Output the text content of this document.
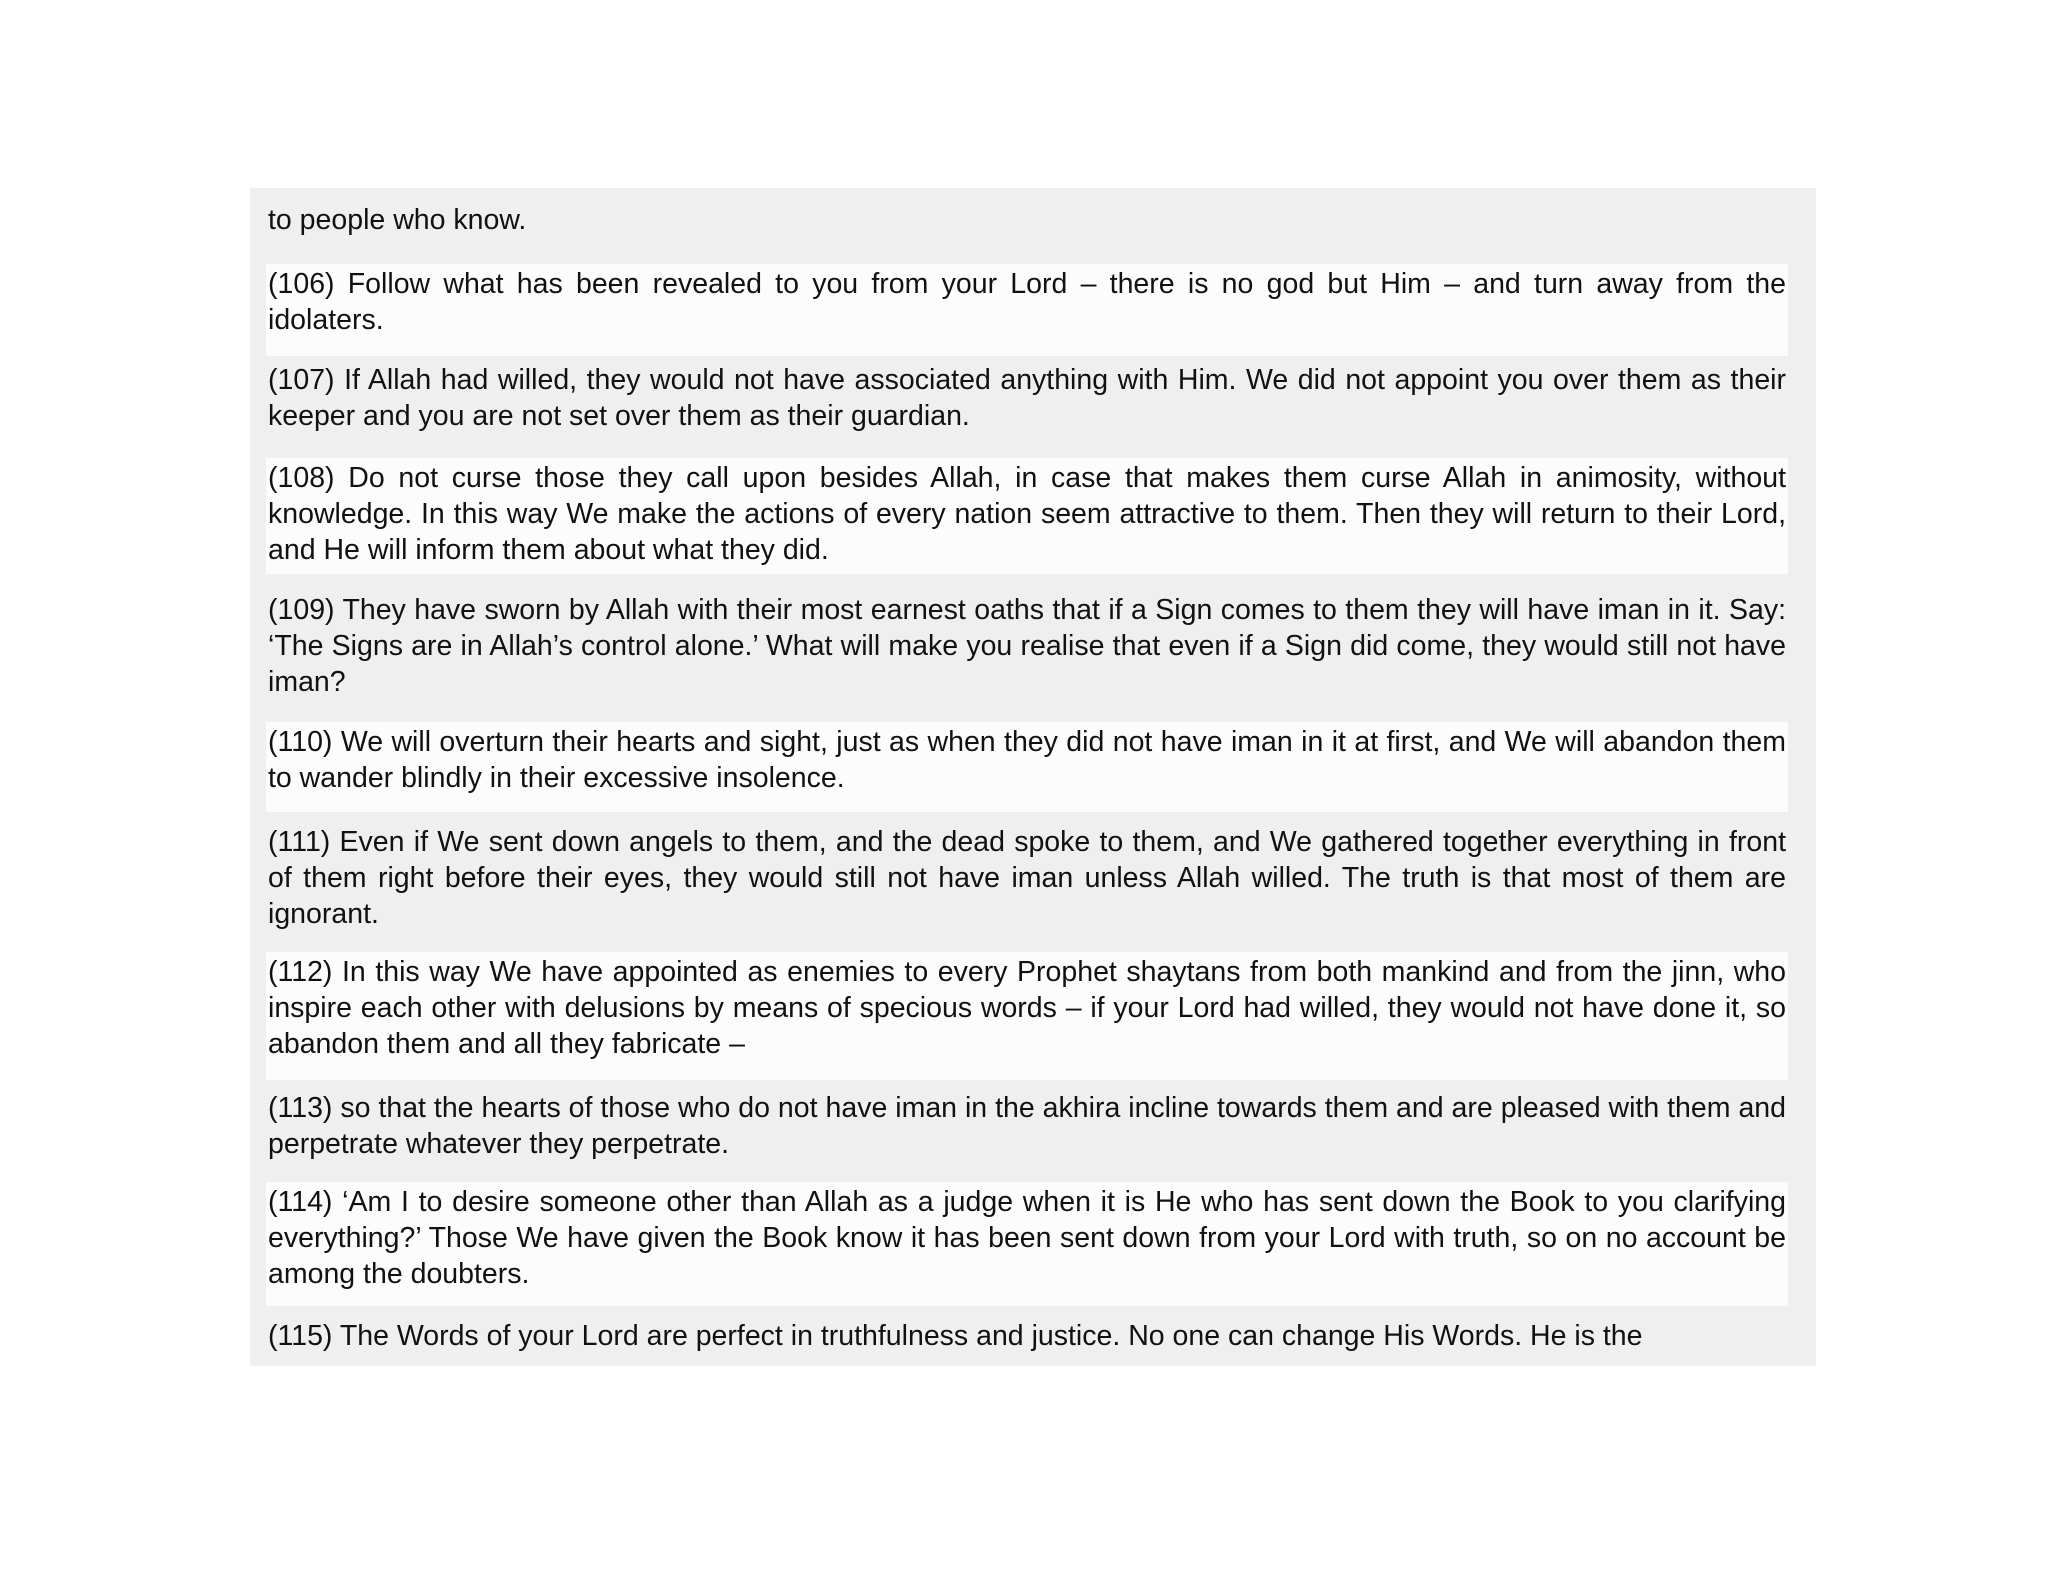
to people who know.
(106) Follow what has been revealed to you from your Lord – there is no god but Him – and turn away from the idolaters.
(107) If Allah had willed, they would not have associated anything with Him. We did not appoint you over them as their keeper and you are not set over them as their guardian.
(108) Do not curse those they call upon besides Allah, in case that makes them curse Allah in animosity, without knowledge. In this way We make the actions of every nation seem attractive to them. Then they will return to their Lord, and He will inform them about what they did.
(109) They have sworn by Allah with their most earnest oaths that if a Sign comes to them they will have iman in it. Say: ‘The Signs are in Allah’s control alone.’ What will make you realise that even if a Sign did come, they would still not have iman?
(110) We will overturn their hearts and sight, just as when they did not have iman in it at first, and We will abandon them to wander blindly in their excessive insolence.
(111) Even if We sent down angels to them, and the dead spoke to them, and We gathered together everything in front of them right before their eyes, they would still not have iman unless Allah willed. The truth is that most of them are ignorant.
(112) In this way We have appointed as enemies to every Prophet shaytans from both mankind and from the jinn, who inspire each other with delusions by means of specious words – if your Lord had willed, they would not have done it, so abandon them and all they fabricate –
(113) so that the hearts of those who do not have iman in the akhira incline towards them and are pleased with them and perpetrate whatever they perpetrate.
(114) ‘Am I to desire someone other than Allah as a judge when it is He who has sent down the Book to you clarifying everything?’ Those We have given the Book know it has been sent down from your Lord with truth, so on no account be among the doubters.
(115) The Words of your Lord are perfect in truthfulness and justice. No one can change His Words. He is the
